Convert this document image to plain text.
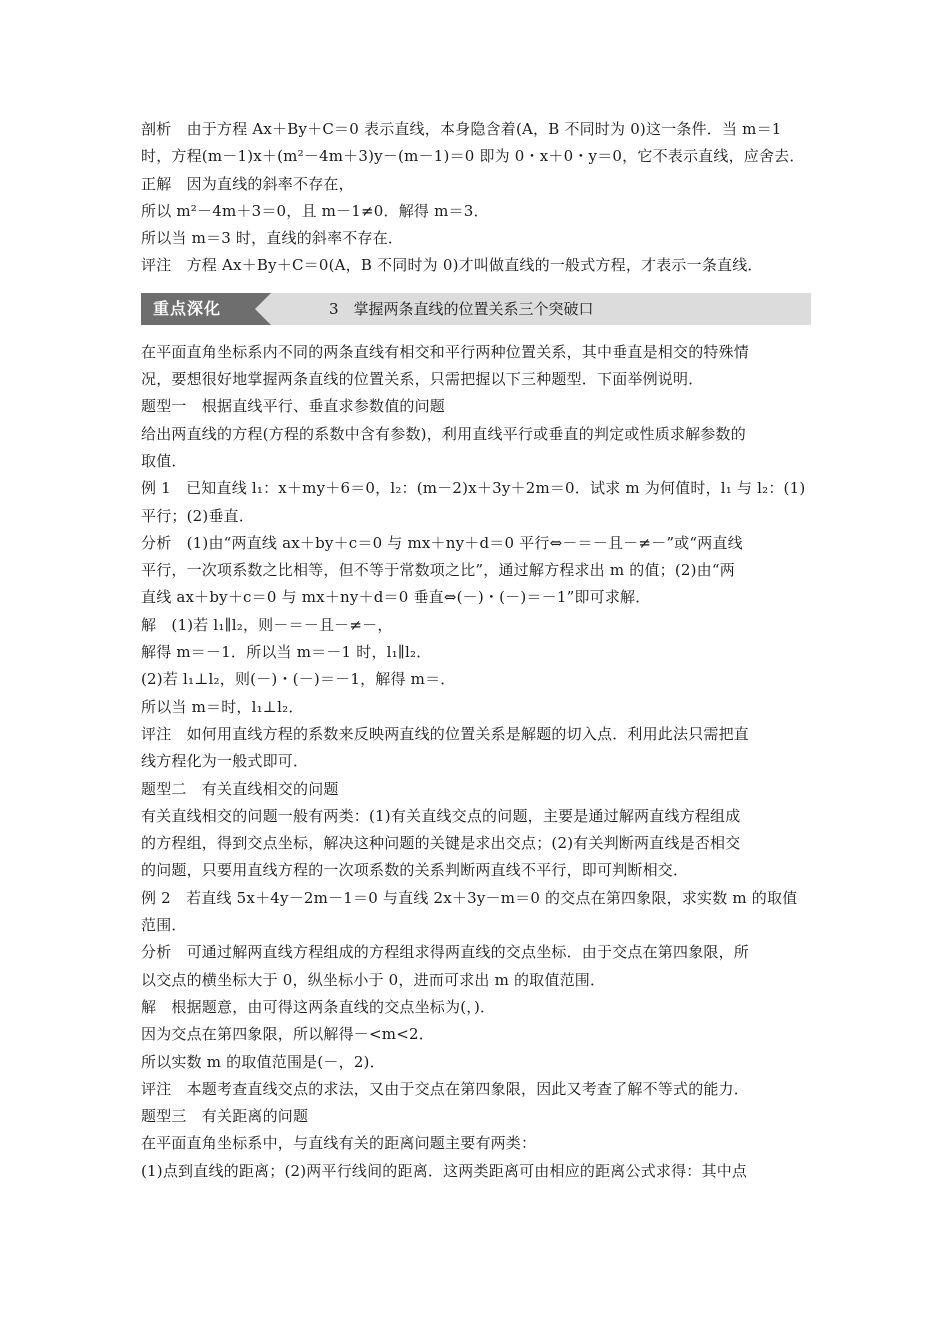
剖析　由于方程 Ax＋By＋C＝0 表示直线，本身隐含着(A，B 不同时为 0)这一条件．当 m＝1
时，方程(m－1)x＋(m²－4m＋3)y－(m－1)＝0 即为 0・x＋0・y＝0，它不表示直线，应舍去．
正解　因为直线的斜率不存在，
所以 m²－4m＋3＝0，且 m－1≠0．解得 m＝3．
所以当 m＝3 时，直线的斜率不存在．
评注　方程 Ax＋By＋C＝0(A，B 不同时为 0)才叫做直线的一般式方程，才表示一条直线．
重点深化	3　掌握两条直线的位置关系三个突破口
在平面直角坐标系内不同的两条直线有相交和平行两种位置关系，其中垂直是相交的特殊情
况，要想很好地掌握两条直线的位置关系，只需把握以下三种题型．下面举例说明．
题型一　根据直线平行、垂直求参数值的问题
给出两直线的方程(方程的系数中含有参数)，利用直线平行或垂直的判定或性质求解参数的
取值．
例 1　已知直线 l₁：x＋my＋6＝0，l₂：(m－2)x＋3y＋2m＝0．试求 m 为何值时，l₁ 与 l₂：(1)
平行；(2)垂直．
分析　(1)由“两直线 ax＋by＋c＝0 与 mx＋ny＋d＝0 平行⇔－＝－且－≠－”或“两直线
平行，一次项系数之比相等，但不等于常数项之比”，通过解方程求出 m 的值；(2)由“两
直线 ax＋by＋c＝0 与 mx＋ny＋d＝0 垂直⇔(－)・(－)＝－1”即可求解．
解　(1)若 l₁∥l₂，则－＝－且－≠－，
解得 m＝－1．所以当 m＝－1 时，l₁∥l₂．
(2)若 l₁⊥l₂，则(－)・(－)＝－1，解得 m＝．
所以当 m＝时，l₁⊥l₂．
评注　如何用直线方程的系数来反映两直线的位置关系是解题的切入点．利用此法只需把直
线方程化为一般式即可．
题型二　有关直线相交的问题
有关直线相交的问题一般有两类：(1)有关直线交点的问题，主要是通过解两直线方程组成
的方程组，得到交点坐标，解决这种问题的关键是求出交点；(2)有关判断两直线是否相交
的问题，只要用直线方程的一次项系数的关系判断两直线不平行，即可判断相交．
例 2　若直线 5x＋4y－2m－1＝0 与直线 2x＋3y－m＝0 的交点在第四象限，求实数 m 的取值
范围．
分析　可通过解两直线方程组成的方程组求得两直线的交点坐标．由于交点在第四象限，所
以交点的横坐标大于 0，纵坐标小于 0，进而可求出 m 的取值范围．
解　根据题意，由可得这两条直线的交点坐标为(，)．
因为交点在第四象限，所以解得－<m<2．
所以实数 m 的取值范围是(－，2)．
评注　本题考查直线交点的求法，又由于交点在第四象限，因此又考查了解不等式的能力．
题型三　有关距离的问题
在平面直角坐标系中，与直线有关的距离问题主要有两类：
(1)点到直线的距离；(2)两平行线间的距离．这两类距离可由相应的距离公式求得：其中点
